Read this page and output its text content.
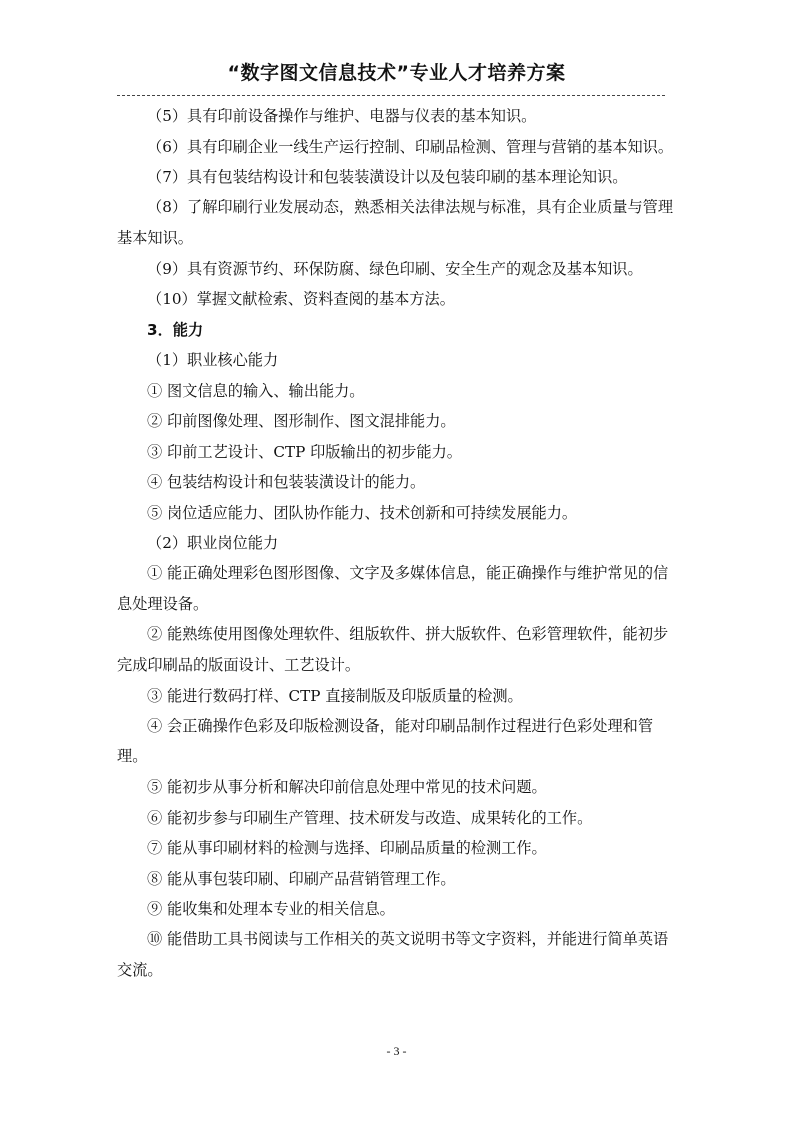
“数字图文信息技术”专业人才培养方案

（5）具有印前设备操作与维护、电器与仪表的基本知识。

（6）具有印刷企业一线生产运行控制、印刷品检测、管理与营销的基本知识。

（7）具有包装结构设计和包装装潢设计以及包装印刷的基本理论知识。

（8）了解印刷行业发展动态，熟悉相关法律法规与标准，具有企业质量与管理基本知识。

（9）具有资源节约、环保防腐、绿色印刷、安全生产的观念及基本知识。

（10）掌握文献检索、资料查阅的基本方法。

3．能力

（1）职业核心能力

① 图文信息的输入、输出能力。

② 印前图像处理、图形制作、图文混排能力。

③ 印前工艺设计、CTP 印版输出的初步能力。

④ 包装结构设计和包装装潢设计的能力。

⑤ 岗位适应能力、团队协作能力、技术创新和可持续发展能力。

（2）职业岗位能力

① 能正确处理彩色图形图像、文字及多媒体信息，能正确操作与维护常见的信息处理设备。

② 能熟练使用图像处理软件、组版软件、拼大版软件、色彩管理软件，能初步完成印刷品的版面设计、工艺设计。

③ 能进行数码打样、CTP 直接制版及印版质量的检测。

④ 会正确操作色彩及印版检测设备，能对印刷品制作过程进行色彩处理和管理。

⑤ 能初步从事分析和解决印前信息处理中常见的技术问题。

⑥ 能初步参与印刷生产管理、技术研发与改造、成果转化的工作。

⑦ 能从事印刷材料的检测与选择、印刷品质量的检测工作。

⑧ 能从事包装印刷、印刷产品营销管理工作。

⑨ 能收集和处理本专业的相关信息。

⑩ 能借助工具书阅读与工作相关的英文说明书等文字资料，并能进行简单英语交流。

- 3 -
